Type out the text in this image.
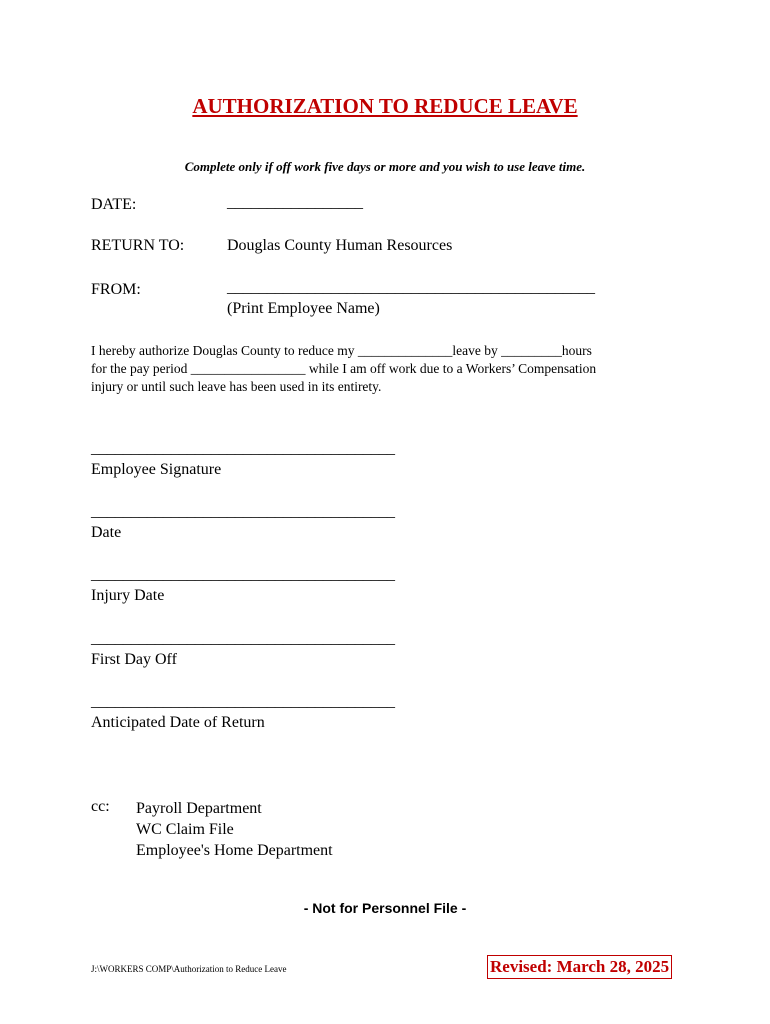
AUTHORIZATION TO REDUCE LEAVE
Complete only if off work five days or more and you wish to use leave time.
DATE:	_________________
RETURN TO:	Douglas County Human Resources
FROM:	______________________________________________
(Print Employee Name)
I hereby authorize Douglas County to reduce my ______________leave by _________hours
for the pay period _________________ while I am off work due to a Workers’ Compensation
injury or until such leave has been used in its entirety.
______________________________________
Employee Signature
______________________________________
Date
______________________________________
Injury Date
______________________________________
First Day Off
______________________________________
Anticipated Date of Return
cc: Payroll Department
WC Claim File
Employee's Home Department
- Not for Personnel File -
J:\WORKERS COMP\Authorization to Reduce Leave	Revised: March 28, 2025
